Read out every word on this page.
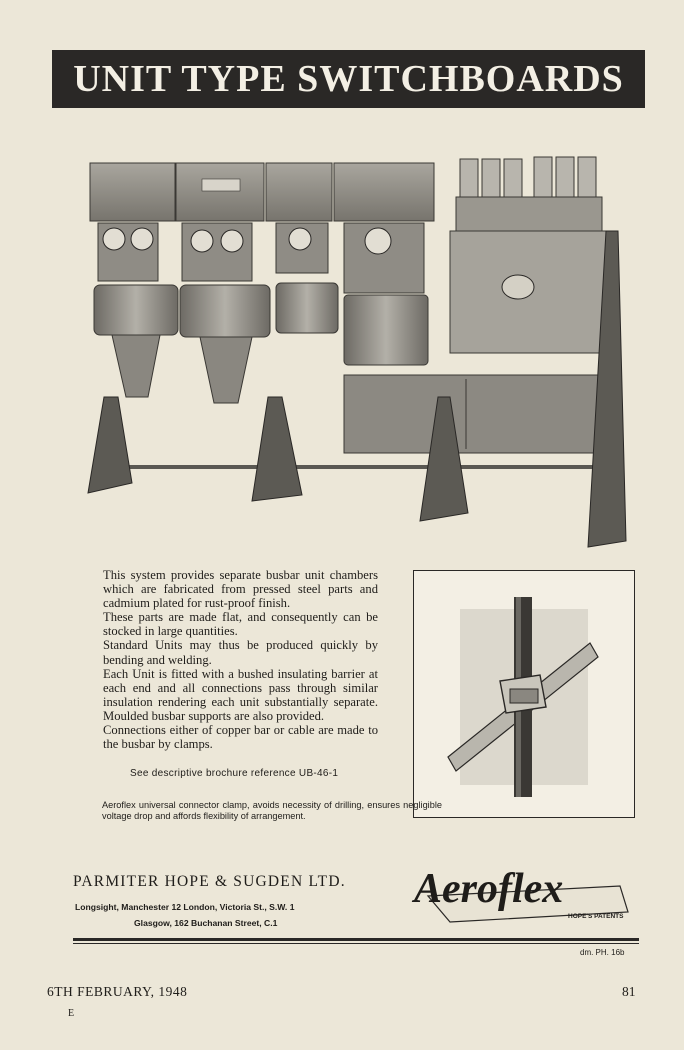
UNIT TYPE SWITCHBOARDS

This system provides separate busbar unit chambers which are fabricated from pressed steel parts and cadmium plated for rust-proof finish.

These parts are made flat, and consequently can be stocked in large quantities.

Standard Units may thus be produced quickly by bending and welding.

Each Unit is fitted with a bushed insulating barrier at each end and all connections pass through similar insulation rendering each unit substantially separate. Moulded busbar supports are also provided.

Connections either of copper bar or cable are made to the busbar by clamps.

See descriptive brochure reference UB-46-1

Aeroflex universal connector clamp, avoids necessity of drilling, ensures negligible voltage drop and affords flexibility of arrangement.

PARMITER HOPE & SUGDEN LTD.
Longsight, Manchester 12 London, Victoria St., S.W. 1
Glasgow, 162 Buchanan Street, C.1
Aeroflex
HOPE'S PATENTS
dm. PH. 16b
6TH FEBRUARY, 1948	81
E
